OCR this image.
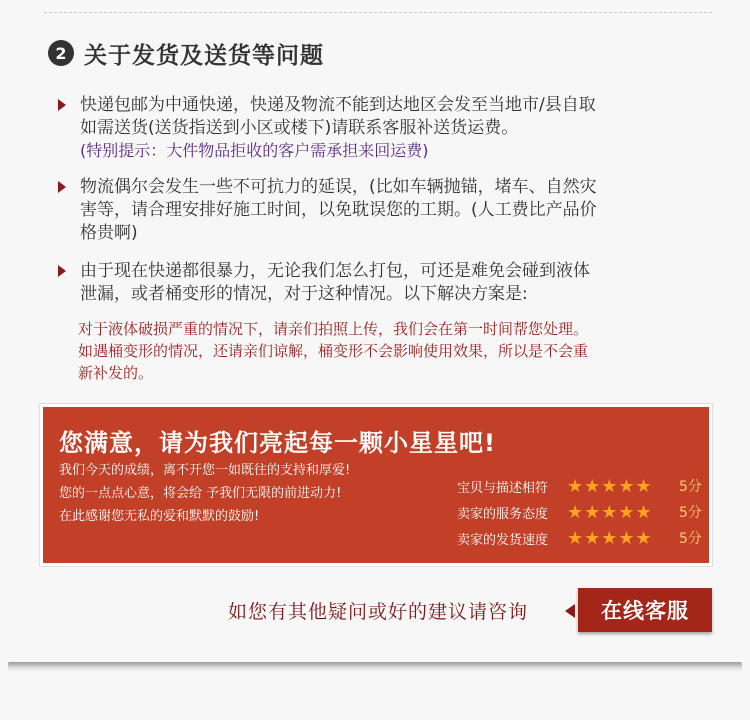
2 关于发货及送货等问题
快递包邮为中通快递，快递及物流不能到达地区会发至当地市/县自取
如需送货(送货指送到小区或楼下)请联系客服补送货运费。
(特别提示：大件物品拒收的客户需承担来回运费)
物流偶尔会发生一些不可抗力的延误，(比如车辆抛锚，堵车、自然灾
害等，请合理安排好施工时间，以免耽误您的工期。(人工费比产品价
格贵啊)
由于现在快递都很暴力，无论我们怎么打包，可还是难免会碰到液体
泄漏，或者桶变形的情况，对于这种情况。以下解决方案是:
对于液体破损严重的情况下，请亲们拍照上传，我们会在第一时间帮您处理。
如遇桶变形的情况，还请亲们谅解，桶变形不会影响使用效果，所以是不会重
新补发的。
您满意，请为我们亮起每一颗小星星吧!
我们今天的成绩，离不开您一如既往的支持和厚爱!
您的一点点心意，将会给 予我们无限的前进动力!
在此感谢您无私的爱和默默的鼓励!
宝贝与描述相符	★★★★★	5分
卖家的服务态度	★★★★★	5分
卖家的发货速度	★★★★★	5分
如您有其他疑问或好的建议请咨询	在线客服
